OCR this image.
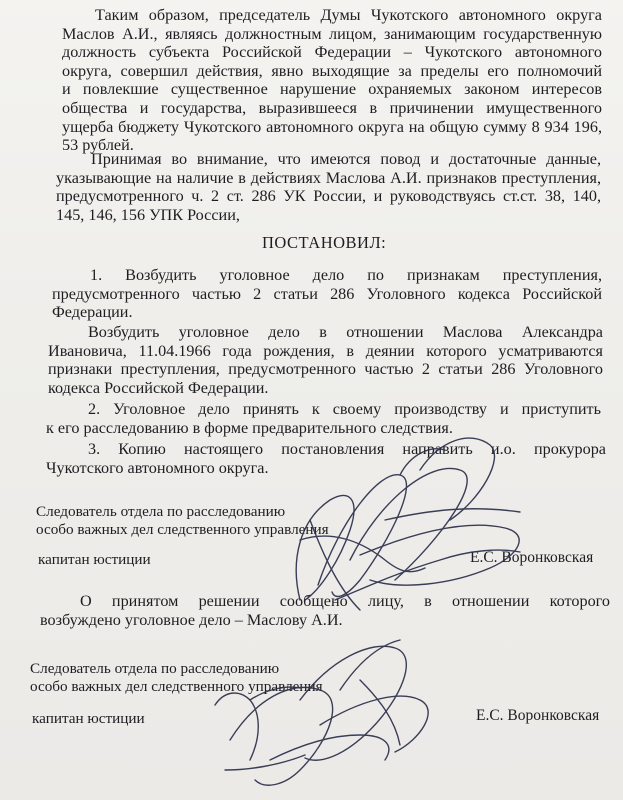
Таким образом, председатель Думы Чукотского автономного округа
Маслов А.И., являясь должностным лицом, занимающим государственную
должность субъекта Российской Федерации – Чукотского автономного
округа, совершил действия, явно выходящие за пределы его полномочий
и повлекшие существенное нарушение охраняемых законом интересов
общества и государства, выразившееся в причинении имущественного
ущерба бюджету Чукотского автономного округа на общую сумму 8 934 196,
53 рублей.
Принимая во внимание, что имеются повод и достаточные данные,
указывающие на наличие в действиях Маслова А.И. признаков преступления,
предусмотренного ч. 2 ст. 286 УК России, и руководствуясь ст.ст. 38, 140,
145, 146, 156 УПК России,

ПОСТАНОВИЛ:

1. Возбудить уголовное дело по признакам преступления,
предусмотренного частью 2 статьи 286 Уголовного кодекса Российской
Федерации.
Возбудить уголовное дело в отношении Маслова Александра
Ивановича, 11.04.1966 года рождения, в деянии которого усматриваются
признаки преступления, предусмотренного частью 2 статьи 286 Уголовного
кодекса Российской Федерации.
2. Уголовное дело принять к своему производству и приступить
к его расследованию в форме предварительного следствия.
3. Копию настоящего постановления направить и.о. прокурора
Чукотского автономного округа.

Следователь отдела по расследованию

особо важных дел следственного управления

капитан юстиции	Е.С. Воронковская

О принятом решении сообщено лицу, в отношении которого
возбуждено уголовное дело – Маслову А.И.

Следователь отдела по расследованию

особо важных дел следственного управления

капитан юстиции	Е.С. Воронковская
